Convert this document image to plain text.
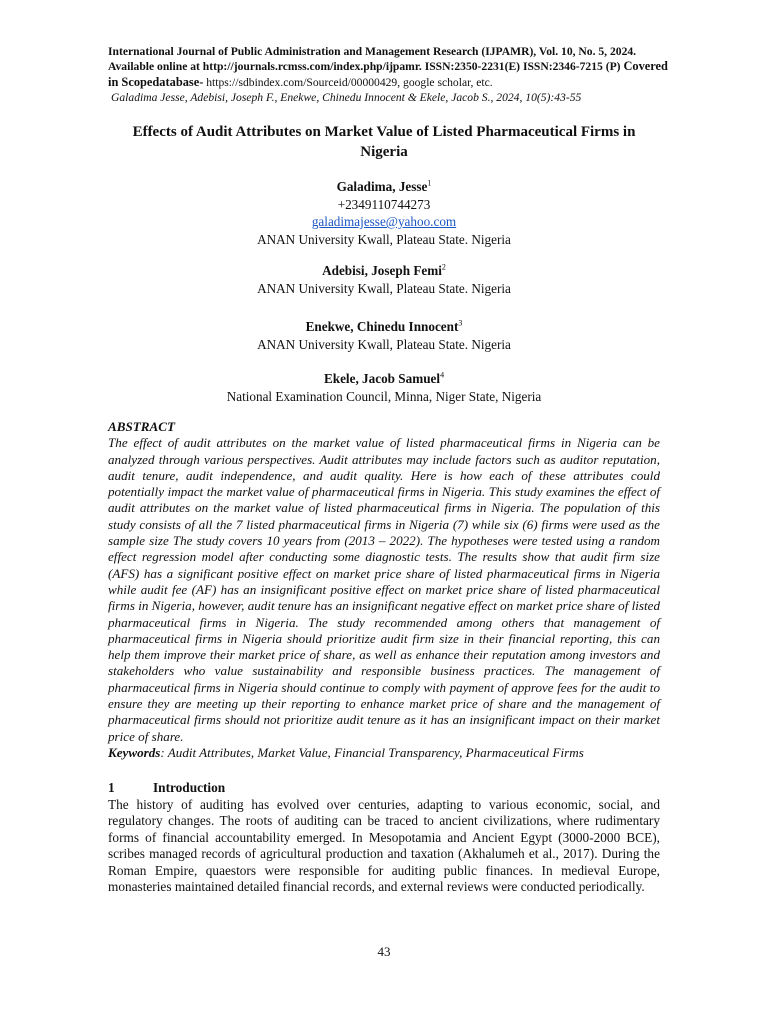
International Journal of Public Administration and Management Research (IJPAMR), Vol. 10, No. 5, 2024.
Available online at http://journals.rcmss.com/index.php/ijpamr. ISSN:2350-2231(E) ISSN:2346-7215 (P) Covered in Scopedatabase- https://sdbindex.com/Sourceid/00000429, google scholar, etc.
Galadima Jesse, Adebisi, Joseph F., Enekwe, Chinedu Innocent & Ekele, Jacob S., 2024, 10(5):43-55
Effects of Audit Attributes on Market Value of Listed Pharmaceutical Firms in Nigeria
Galadima, Jesse$^1$
+2349110744273
galadimajesse@yahoo.com
ANAN University Kwall, Plateau State. Nigeria
Adebisi, Joseph Femi$^2$
ANAN University Kwall, Plateau State. Nigeria
Enekwe, Chinedu Innocent$^3$
ANAN University Kwall, Plateau State. Nigeria
Ekele, Jacob Samuel$^4$
National Examination Council, Minna, Niger State, Nigeria
ABSTRACT
The effect of audit attributes on the market value of listed pharmaceutical firms in Nigeria can be analyzed through various perspectives. Audit attributes may include factors such as auditor reputation, audit tenure, audit independence, and audit quality. Here is how each of these attributes could potentially impact the market value of pharmaceutical firms in Nigeria. This study examines the effect of audit attributes on the market value of listed pharmaceutical firms in Nigeria. The population of this study consists of all the 7 listed pharmaceutical firms in Nigeria (7) while six (6) firms were used as the sample size The study covers 10 years from (2013 – 2022). The hypotheses were tested using a random effect regression model after conducting some diagnostic tests. The results show that audit firm size (AFS) has a significant positive effect on market price share of listed pharmaceutical firms in Nigeria while audit fee (AF) has an insignificant positive effect on market price share of listed pharmaceutical firms in Nigeria, however, audit tenure has an insignificant negative effect on market price share of listed pharmaceutical firms in Nigeria. The study recommended among others that management of pharmaceutical firms in Nigeria should prioritize audit firm size in their financial reporting, this can help them improve their market price of share, as well as enhance their reputation among investors and stakeholders who value sustainability and responsible business practices. The management of pharmaceutical firms in Nigeria should continue to comply with payment of approve fees for the audit to ensure they are meeting up their reporting to enhance market price of share and the management of pharmaceutical firms should not prioritize audit tenure as it has an insignificant impact on their market price of share.
Keywords: Audit Attributes, Market Value, Financial Transparency, Pharmaceutical Firms
1	Introduction
The history of auditing has evolved over centuries, adapting to various economic, social, and regulatory changes. The roots of auditing can be traced to ancient civilizations, where rudimentary forms of financial accountability emerged. In Mesopotamia and Ancient Egypt (3000-2000 BCE), scribes managed records of agricultural production and taxation (Akhalumeh et al., 2017). During the Roman Empire, quaestors were responsible for auditing public finances. In medieval Europe, monasteries maintained detailed financial records, and external reviews were conducted periodically.
43
